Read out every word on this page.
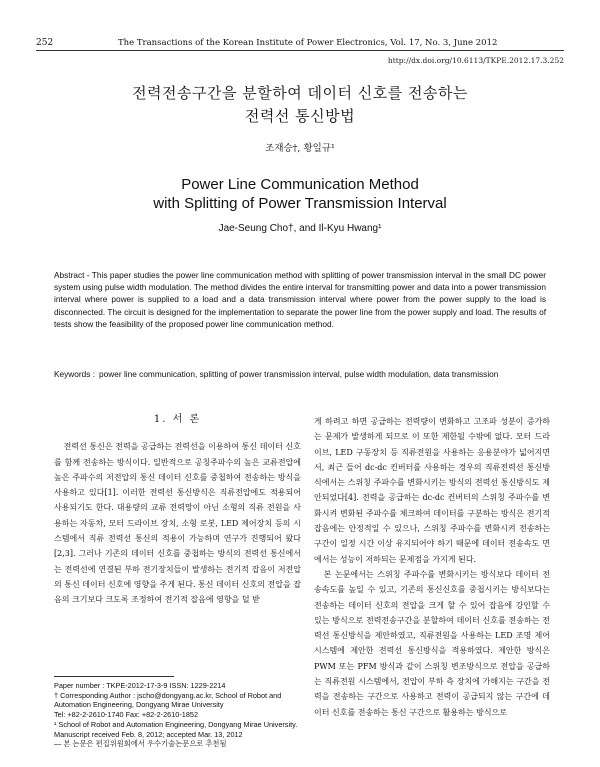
252	The Transactions of the Korean Institute of Power Electronics, Vol. 17, No. 3, June 2012
http://dx.doi.org/10.6113/TKPE.2012.17.3.252
전력전송구간을 분할하여 데이터 신호를 전송하는
전력선 통신방법
조재승†, 황일규¹
Power Line Communication Method
with Splitting of Power Transmission Interval
Jae-Seung Cho†, and Il-Kyu Hwang¹
Abstract - This paper studies the power line communication method with splitting of power transmission interval in the small DC power system using pulse width modulation. The method divides the entire interval for transmitting power and data into a power transmission interval where power is supplied to a load and a data transmission interval where power from the power supply to the load is disconnected. The circuit is designed for the implementation to separate the power line from the power supply and load. The results of tests show the feasibility of the proposed power line communication method.
Keywords : power line communication, splitting of power transmission interval, pulse width modulation, data transmission
1. 서 론

전력선 통신은 전력을 공급하는 전력선을 이용하여 통신 데이터 신호를 함께 전송하는 방식이다. 일반적으로 공칭주파수의 높은 교류전압에 높은 주파수의 저전압의 통신 데이터 신호를 중첩하여 전송하는 방식을 사용하고 있다[1]. 이러한 전력선 통신방식은 직류전압에도 적용되어 사용되기도 한다. 대용량의 교류 전력망이 아닌 소형의 직류 전원을 사용하는 자동차, 모터 드라이브 장치, 소형 로봇, LED 제어장치 등의 시스템에서 직류 전력선 통신의 적용이 가능하며 연구가 진행되어 왔다[2,3]. 그러나 기존의 데이터 신호를 중첩하는 방식의 전력선 통신에서는 전력선에 연결된 부하 전기장치들이 발생하는 전기적 잡음이 저전압의 통신 데이터 신호에 영향을 주게 된다. 통신 데이터 신호의 전압을 잡음의 크기보다 크도록 조정하여 전기적 잡음에 영향을 덜 받

게 하려고 하면 공급하는 전력량이 변화하고 고조파 성분이 증가하는 문제가 발생하게 되므로 이 또한 제한될 수밖에 없다. 모터 드라이브, LED 구동장치 등 직류전원을 사용하는 응용분야가 넓어지면서, 최근 들어 dc-dc 컨버터를 사용하는 경우의 직류전력선 통신방식에서는 스위칭 주파수를 변화시키는 방식의 전력선 통신방식도 제안되었다[4]. 전력을 공급하는 dc-dc 컨버터의 스위칭 주파수를 변화시켜 변화된 주파수를 체크하여 데이터를 구분하는 방식은 전기적 잡음에는 안정적일 수 있으나, 스위칭 주파수를 변화시켜 전송하는 구간이 일정 시간 이상 유지되어야 하기 때문에 데이터 전송속도 면에서는 성능이 저하되는 문제점을 가지게 된다.

본 논문에서는 스위칭 주파수를 변화시키는 방식보다 데이터 전송속도를 높일 수 있고, 기존의 통신신호를 중첩시키는 방식보다는 전송하는 데이터 신호의 전압을 크게 할 수 있어 잡음에 강인할 수 있는 방식으로 전력전송구간을 분할하여 데이터 신호를 전송하는 전력선 통신방식을 제안하였고, 직류전원을 사용하는 LED 조명 제어 시스템에 제안한 전력선 통신방식을 적용하였다. 제안한 방식은 PWM 또는 PFM 방식과 같이 스위칭 변조방식으로 전압을 공급하는 직류전원 시스템에서, 전압이 부하 측 장치에 가해지는 구간을 전력을 전송하는 구간으로 사용하고 전력이 공급되지 않는 구간에 데이터 신호를 전송하는 통신 구간으로 활용하는 방식으로

Paper number : TKPE-2012-17-3-9 ISSN: 1229-2214

† Corresponding Author : jscho@dongyang.ac.kr, School of Robot and Automation Engineering, Dongyang Mirae University

Tel: +82-2-2610-1740 Fax: +82-2-2610-1852

¹ School of Robot and Automation Engineering, Dongyang Mirae University.

Manuscript received Feb. 8, 2012; accepted Mar. 13, 2012

— 본 논문은 편집위원회에서 우수기술논문으로 추천됨
